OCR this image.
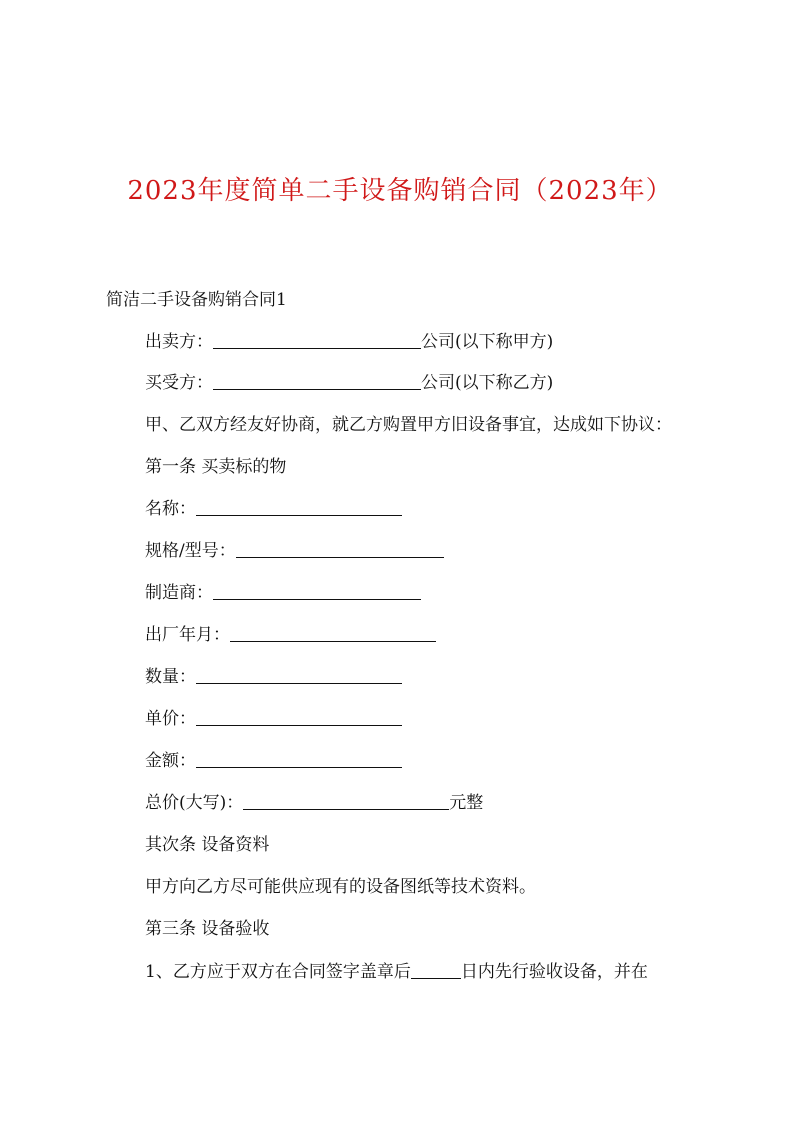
2023年度简单二手设备购销合同（2023年）
简洁二手设备购销合同1
出卖方：	公司(以下称甲方)
买受方：	公司(以下称乙方)
甲、乙双方经友好协商，就乙方购置甲方旧设备事宜，达成如下协议：
第一条 买卖标的物
名称：
规格/型号：
制造商：
出厂年月：
数量：
单价：
金额：
总价(大写)：	元整
其次条 设备资料
甲方向乙方尽可能供应现有的设备图纸等技术资料。
第三条 设备验收
1、乙方应于双方在合同签字盖章后	日内先行验收设备，并在
